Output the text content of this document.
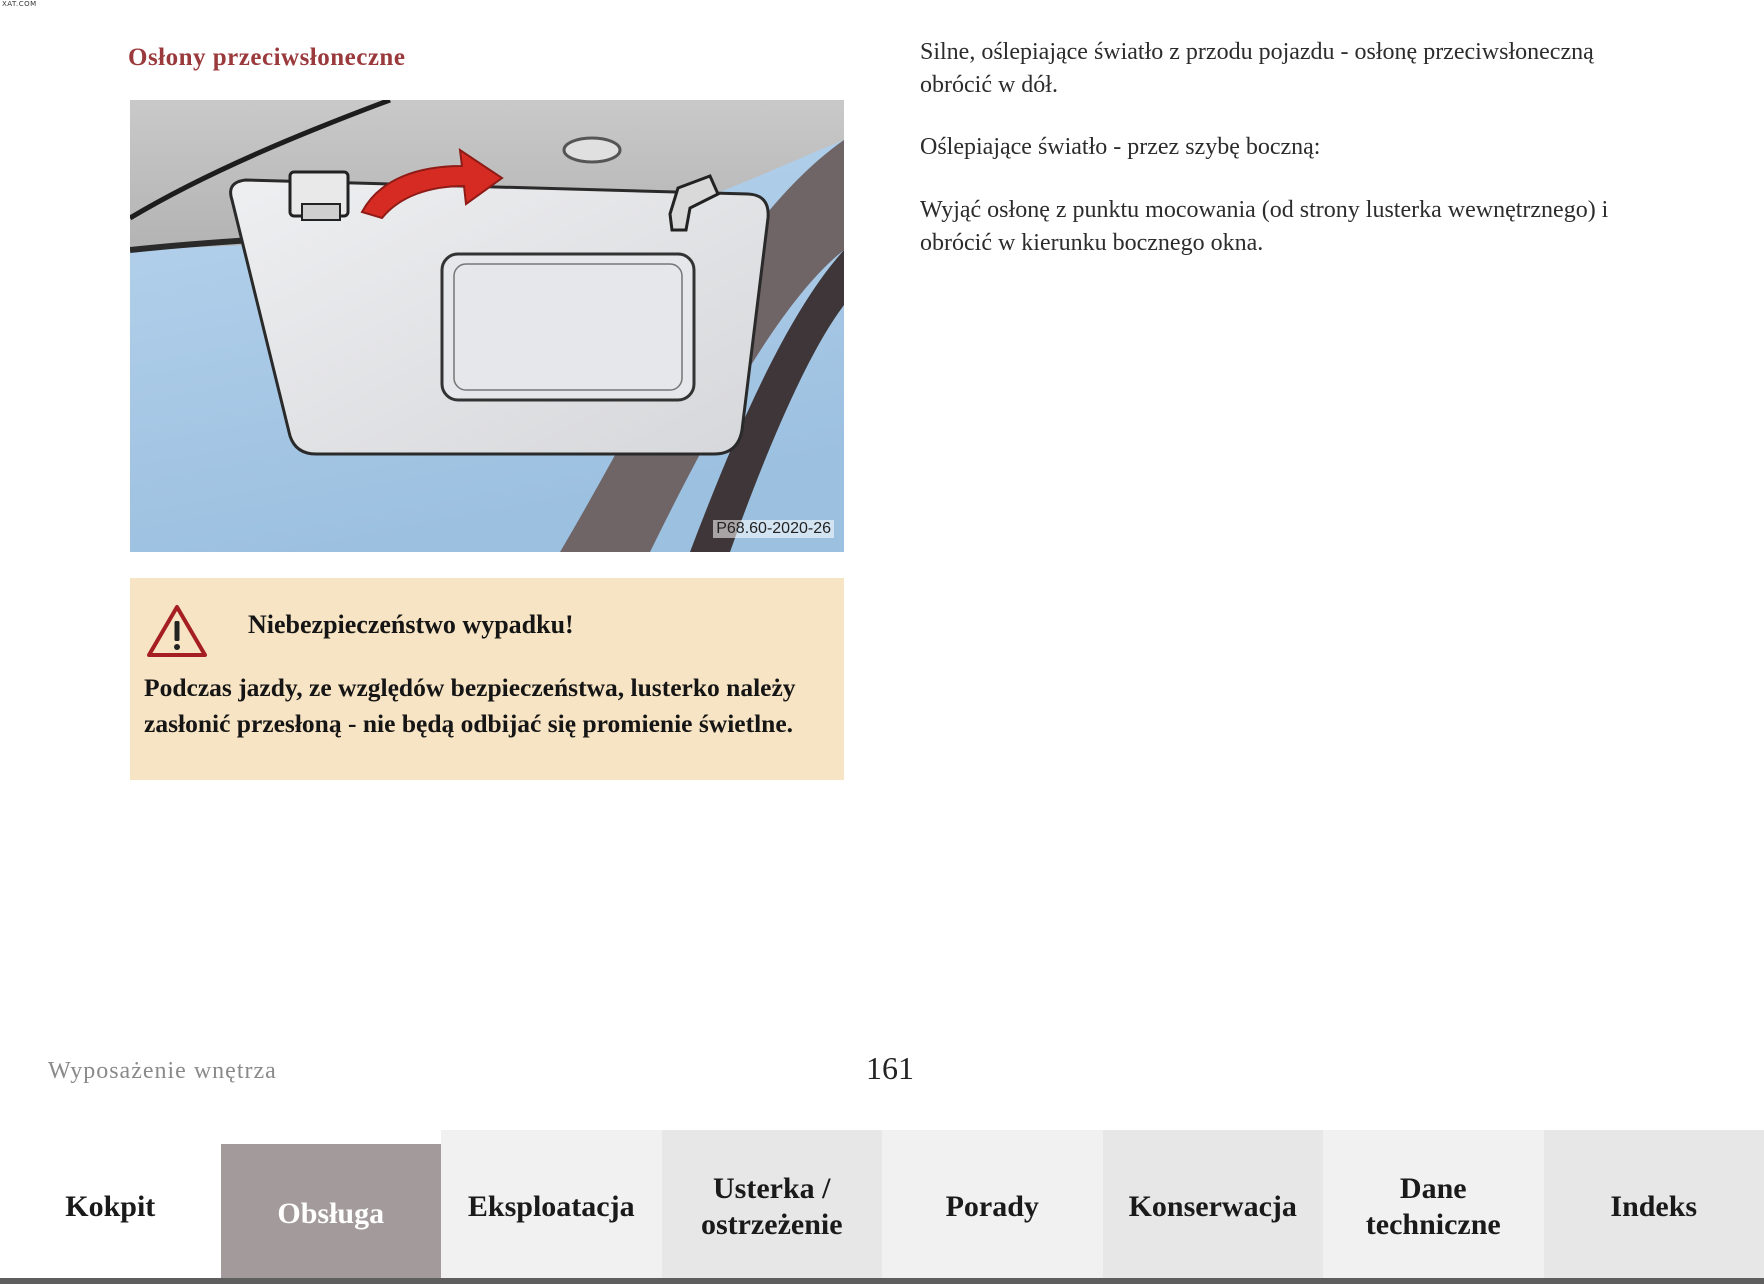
XAT.COM
Osłony przeciwsłoneczne
P68.60-2020-26
Niebezpieczeństwo wypadku!

Podczas jazdy, ze względów bezpieczeństwa, lusterko należy zasłonić przesłoną - nie będą odbijać się promienie świetlne.

Silne, oślepiające światło z przodu pojazdu - osłonę przeciwsłoneczną obrócić w dół.

Oślepiające światło - przez szybę boczną:

Wyjąć osłonę z punktu mocowania (od strony lusterka wewnętrznego) i obrócić w kierunku bocznego okna.

Wyposażenie wnętrza	161
Kokpit	Obsługa	Eksploatacja
Usterka /
ostrzeżenie
Porady	Konserwacja
Dane
techniczne
Indeks
